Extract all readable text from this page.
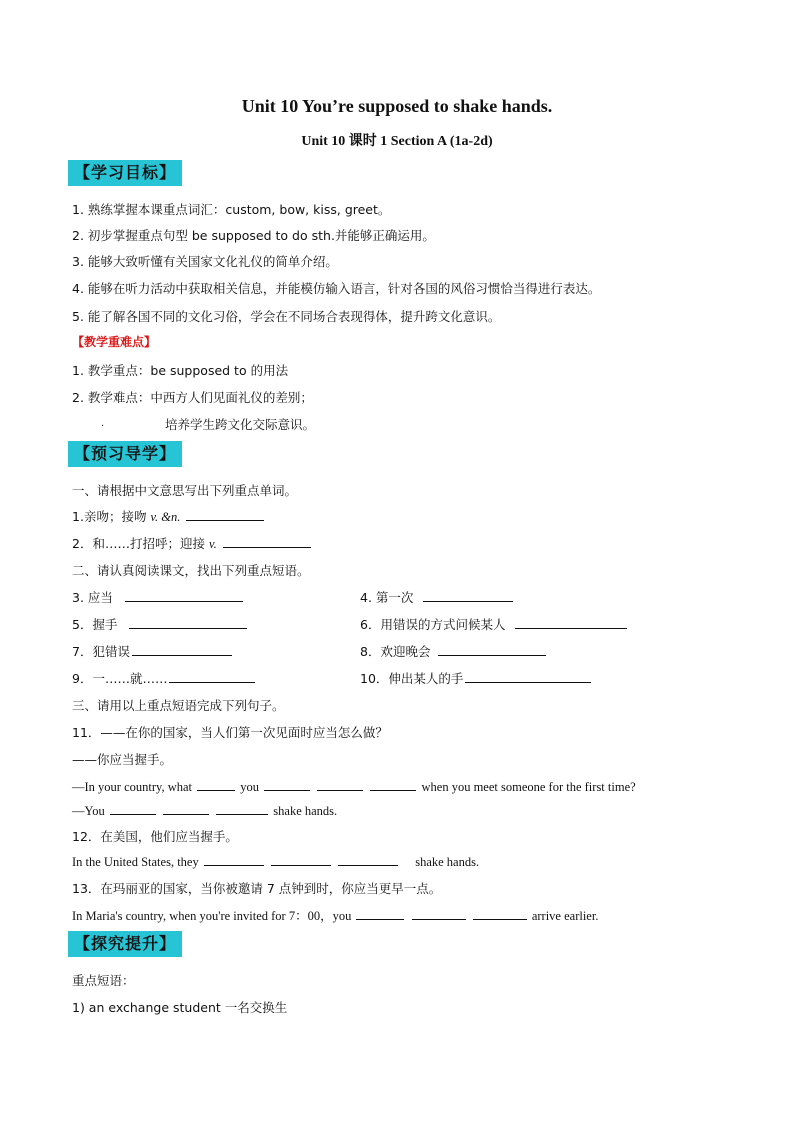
Unit 10 You’re supposed to shake hands.
Unit 10 课时 1 Section A (1a-2d)
【学习目标】
1. 熟练掌握本课重点词汇：custom, bow, kiss, greet。
2. 初步掌握重点句型 be supposed to do sth.并能够正确运用。
3. 能够大致听懂有关国家文化礼仪的简单介绍。
4. 能够在听力活动中获取相关信息，并能模仿输入语言，针对各国的风俗习惯恰当得进行表达。
5. 能了解各国不同的文化习俗，学会在不同场合表现得体，提升跨文化意识。
【教学重难点】
1. 教学重点：be supposed to 的用法
2. 教学难点：中西方人们见面礼仪的差别；
.	培养学生跨文化交际意识。
【预习导学】
一、请根据中文意思写出下列重点单词。
1.亲吻；接吻 v. &n.
2．和……打招呼；迎接 v.
二、请认真阅读课文，找出下列重点短语。
3. 应当	4. 第一次
5．握手	6．用错误的方式问候某人
7．犯错误	8．欢迎晚会
9．一……就……	10．伸出某人的手
三、请用以上重点短语完成下列句子。
11．——在你的国家，当人们第一次见面时应当怎么做？
——你应当握手。
—In your country, what	you	when you meet someone for the first time?
—You	shake hands.
12．在美国，他们应当握手。
In the United States, they	shake hands.
13．在玛丽亚的国家，当你被邀请 7 点钟到时，你应当更早一点。
In Maria's country, when you're invited for 7：00，you	arrive earlier.
【探究提升】
重点短语：
1) an exchange student 一名交换生
